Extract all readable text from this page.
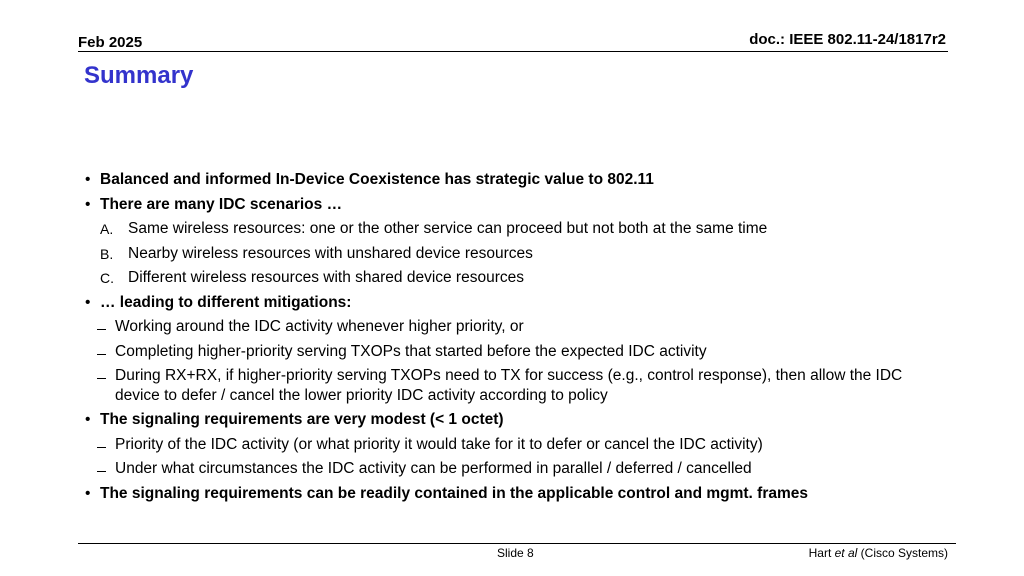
Feb 2025	doc.: IEEE 802.11-24/1817r2
Summary
• Balanced and informed In-Device Coexistence has strategic value to 802.11
• There are many IDC scenarios …
A. Same wireless resources: one or the other service can proceed but not both at the same time
B. Nearby wireless resources with unshared device resources
C. Different wireless resources with shared device resources
• … leading to different mitigations:
Working around the IDC activity whenever higher priority, or
Completing higher-priority serving TXOPs that started before the expected IDC activity
During RX+RX, if higher-priority serving TXOPs need to TX for success (e.g., control response), then allow the IDC device to defer / cancel the lower priority IDC activity according to policy
• The signaling requirements are very modest (< 1 octet)
Priority of the IDC activity (or what priority it would take for it to defer or cancel the IDC activity)
Under what circumstances the IDC activity can be performed in parallel / deferred / cancelled
• The signaling requirements can be readily contained in the applicable control and mgmt. frames
Slide 8	Hart et al (Cisco Systems)
